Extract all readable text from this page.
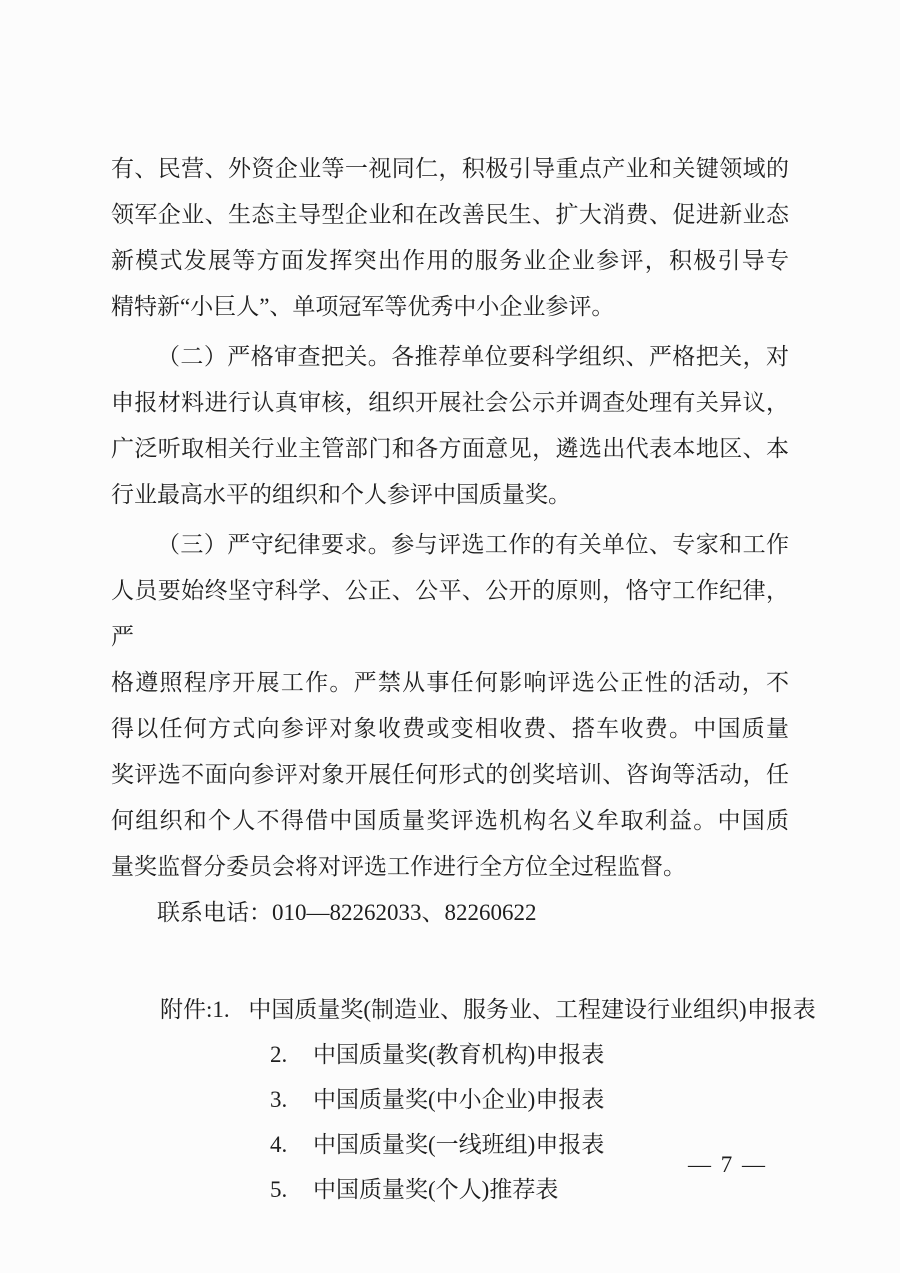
有、民营、外资企业等一视同仁，积极引导重点产业和关键领域的
领军企业、生态主导型企业和在改善民生、扩大消费、促进新业态
新模式发展等方面发挥突出作用的服务业企业参评，积极引导专
精特新“小巨人”、单项冠军等优秀中小企业参评。
（二）严格审查把关。各推荐单位要科学组织、严格把关，对
申报材料进行认真审核，组织开展社会公示并调查处理有关异议，
广泛听取相关行业主管部门和各方面意见，遴选出代表本地区、本
行业最高水平的组织和个人参评中国质量奖。
（三）严守纪律要求。参与评选工作的有关单位、专家和工作
人员要始终坚守科学、公正、公平、公开的原则，恪守工作纪律，严
格遵照程序开展工作。严禁从事任何影响评选公正性的活动，不
得以任何方式向参评对象收费或变相收费、搭车收费。中国质量
奖评选不面向参评对象开展任何形式的创奖培训、咨询等活动，任
何组织和个人不得借中国质量奖评选机构名义牟取利益。中国质
量奖监督分委员会将对评选工作进行全方位全过程监督。

联系电话：010—82262033、82260622

附件:1. 中国质量奖(制造业、服务业、工程建设行业组织)申报表
2. 中国质量奖(教育机构)申报表
3. 中国质量奖(中小企业)申报表
4. 中国质量奖(一线班组)申报表
5. 中国质量奖(个人)推荐表
— 7 —
